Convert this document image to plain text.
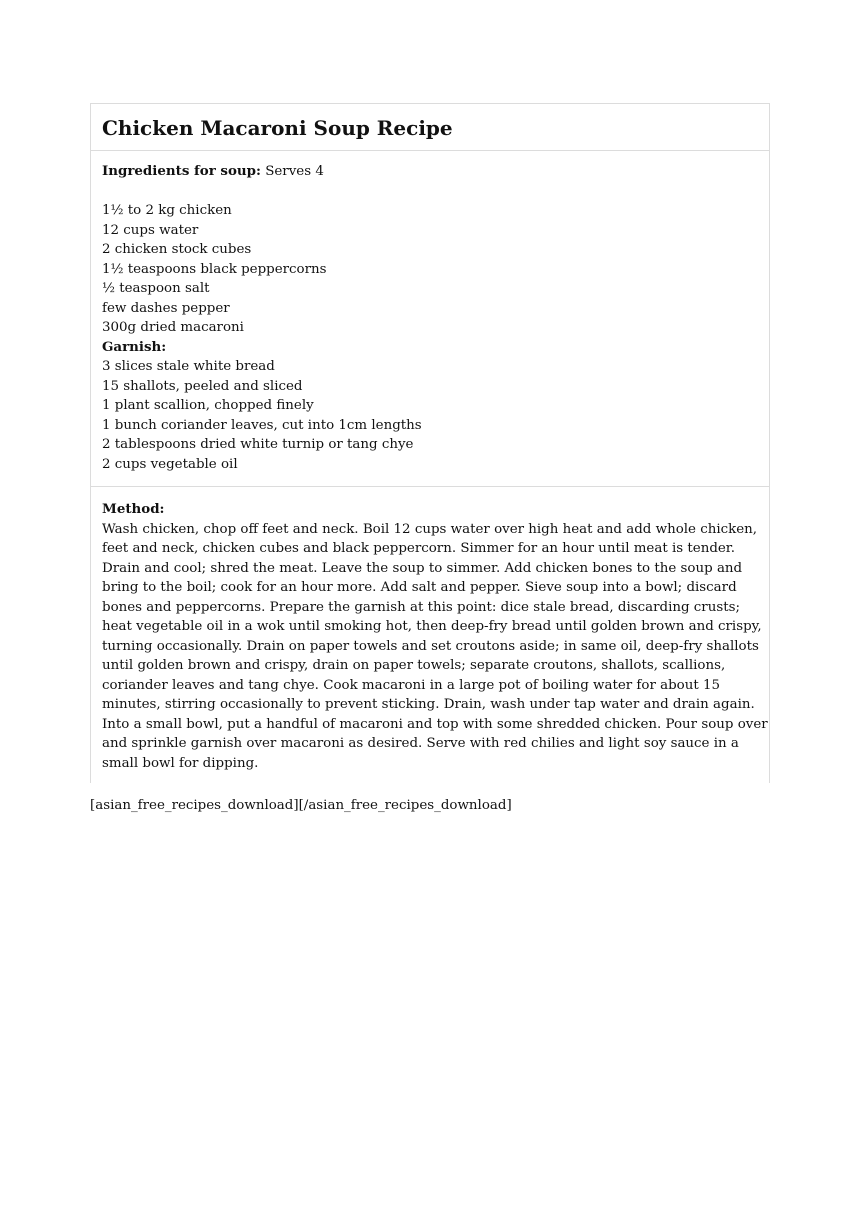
Chicken Macaroni Soup Recipe
Ingredients for soup: Serves 4
1½ to 2 kg chicken
12 cups water
2 chicken stock cubes
1½ teaspoons black peppercorns
½ teaspoon salt
few dashes pepper
300g dried macaroni
Garnish:
3 slices stale white bread
15 shallots, peeled and sliced
1 plant scallion, chopped finely
1 bunch coriander leaves, cut into 1cm lengths
2 tablespoons dried white turnip or tang chye
2 cups vegetable oil
Method:
Wash chicken, chop off feet and neck. Boil 12 cups water over high heat and add whole chicken,
feet and neck, chicken cubes and black peppercorn. Simmer for an hour until meat is tender.
Drain and cool; shred the meat. Leave the soup to simmer. Add chicken bones to the soup and
bring to the boil; cook for an hour more. Add salt and pepper. Sieve soup into a bowl; discard
bones and peppercorns. Prepare the garnish at this point: dice stale bread, discarding crusts;
heat vegetable oil in a wok until smoking hot, then deep-fry bread until golden brown and crispy,
turning occasionally. Drain on paper towels and set croutons aside; in same oil, deep-fry shallots
until golden brown and crispy, drain on paper towels; separate croutons, shallots, scallions,
coriander leaves and tang chye. Cook macaroni in a large pot of boiling water for about 15
minutes, stirring occasionally to prevent sticking. Drain, wash under tap water and drain again.
Into a small bowl, put a handful of macaroni and top with some shredded chicken. Pour soup over
and sprinkle garnish over macaroni as desired. Serve with red chilies and light soy sauce in a
small bowl for dipping.
[asian_free_recipes_download][/asian_free_recipes_download]
